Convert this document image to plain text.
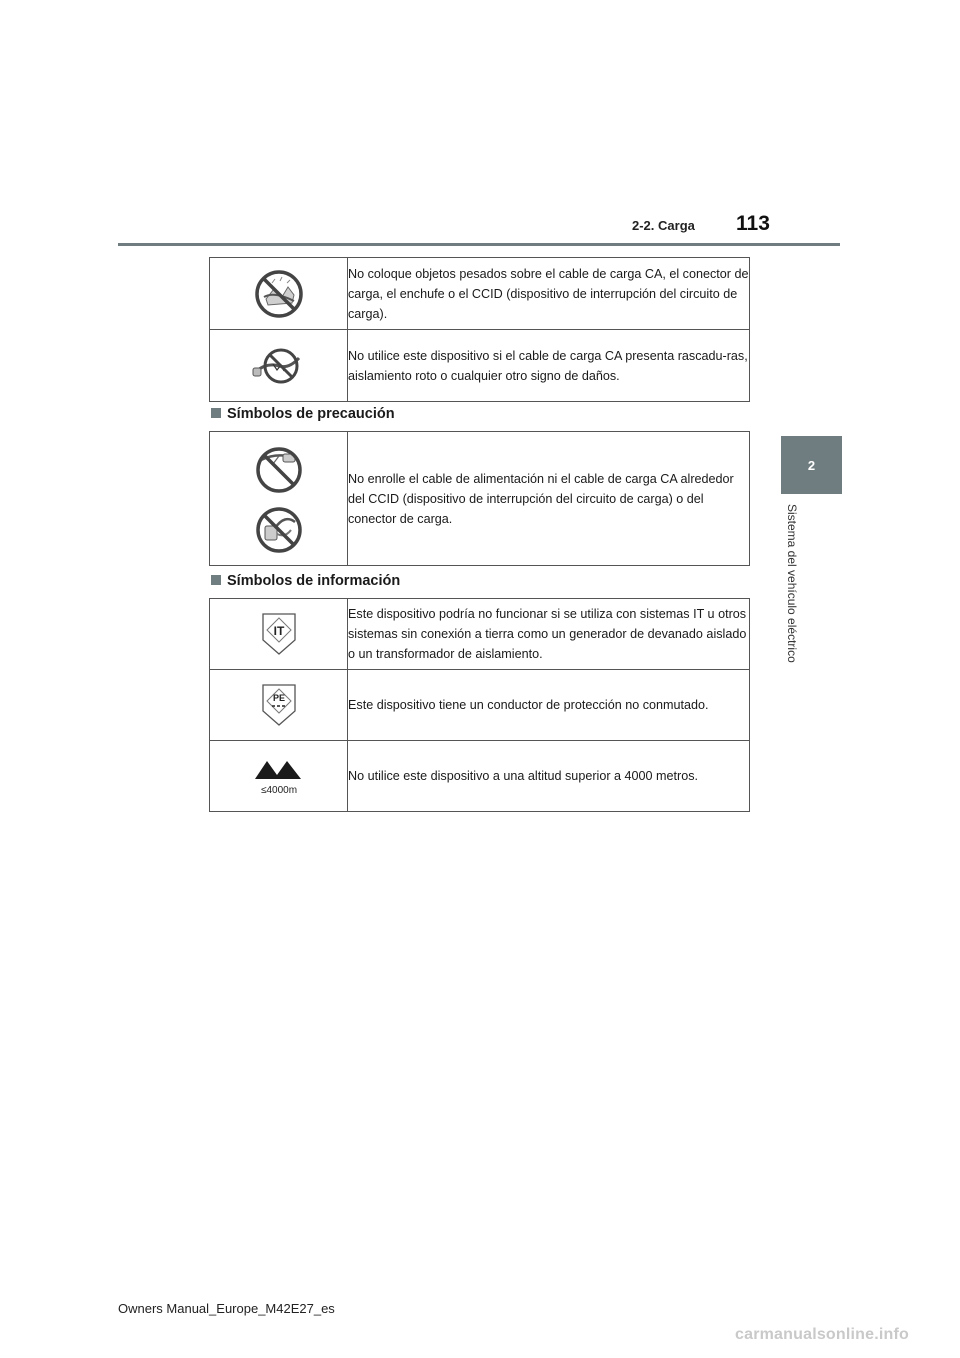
2-2. Carga 113
2
Sistema del vehículo eléctrico
	No coloque objetos pesados sobre el cable de carga CA, el conector de carga, el enchufe o el CCID (dispositivo de interrupción del circuito de carga).
	No utilice este dispositivo si el cable de carga CA presenta rascadu-ras, aislamiento roto o cualquier otro signo de daños.
Símbolos de precaución
	No enrolle el cable de alimentación ni el cable de carga CA alrededor del CCID (dispositivo de interrupción del circuito de carga) o del conector de carga.
Símbolos de información
IT	Este dispositivo podría no funcionar si se utiliza con sistemas IT u otros sistemas sin conexión a tierra como un generador de devanado aislado o un transformador de aislamiento.

PE	Este dispositivo tiene un conductor de protección no conmutado.

≤4000m	No utilice este dispositivo a una altitud superior a 4000 metros.
Owners Manual_Europe_M42E27_es
carmanualsonline.info
